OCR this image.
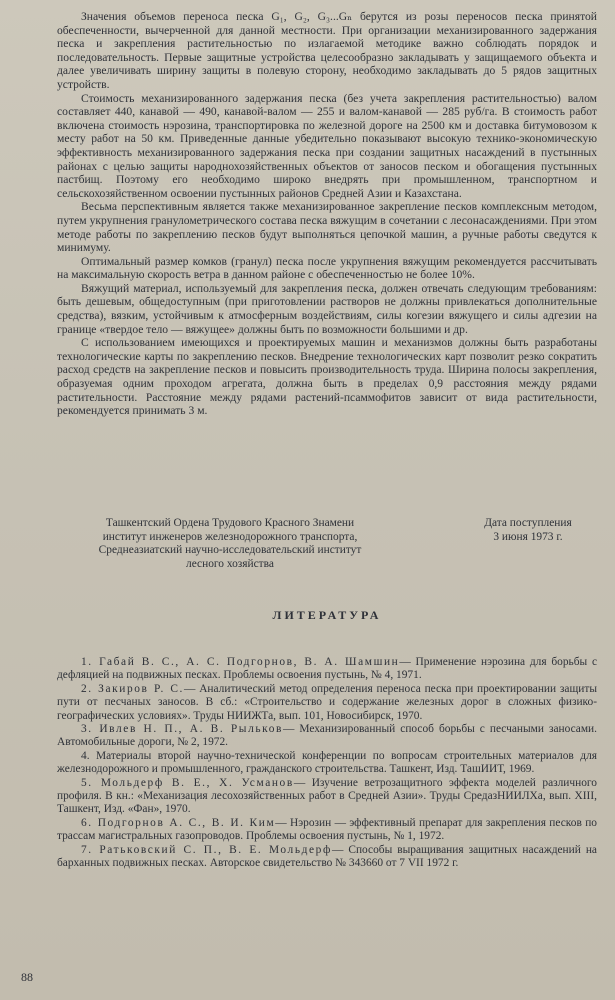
Значения объемов переноса песка G₁, G₂, G₃...Gₙ берутся из розы переносов песка принятой обеспеченности, вычерченной для данной местности. При организации механизированного задержания песка и закрепления растительностью по излагаемой методике важно соблюдать порядок и последовательность. Первые защитные устройства целесообразно закладывать у защищаемого объекта и далее увеличивать ширину защиты в полевую сторону, необходимо закладывать до 5 рядов защитных устройств.

Стоимость механизированного задержания песка (без учета закрепления растительностью) валом составляет 440, канавой — 490, канавой-валом — 255 и валом-канавой — 285 руб/га. В стоимость работ включена стоимость нэрозина, транспортировка по железной дороге на 2500 км и доставка битумовозом к месту работ на 50 км. Приведенные данные убедительно показывают высокую технико-экономическую эффективность механизированного задержания песка при создании защитных насаждений в пустынных районах с целью защиты народнохозяйственных объектов от заносов песком и обогащения пустынных пастбищ. Поэтому его необходимо широко внедрять при промышленном, транспортном и сельскохозяйственном освоении пустынных районов Средней Азии и Казахстана.

Весьма перспективным является также механизированное закрепление песков комплексным методом, путем укрупнения гранулометрического состава песка вяжущим в сочетании с лесонасаждениями. При этом методе работы по закреплению песков будут выполняться цепочкой машин, а ручные работы сведутся к минимуму.

Оптимальный размер комков (гранул) песка после укрупнения вяжущим рекомендуется рассчитывать на максимальную скорость ветра в данном районе с обеспеченностью не более 10%.

Вяжущий материал, используемый для закрепления песка, должен отвечать следующим требованиям: быть дешевым, общедоступным (при приготовлении растворов не должны привлекаться дополнительные средства), вязким, устойчивым к атмосферным воздействиям, силы когезии вяжущего и силы адгезии на границе «твердое тело — вяжущее» должны быть по возможности большими и др.

С использованием имеющихся и проектируемых машин и механизмов должны быть разработаны технологические карты по закреплению песков. Внедрение технологических карт позволит резко сократить расход средств на закрепление песков и повысить производительность труда. Ширина полосы закрепления, образуемая одним проходом агрегата, должна быть в пределах 0,9 расстояния между рядами растительности. Расстояние между рядами растений-псаммофитов зависит от вида растительности, рекомендуется принимать 3 м.

Ташкентский Ордена Трудового Красного Знамени
институт инженеров железнодорожного транспорта,
Среднеазиатский научно-исследовательский институт
лесного хозяйства
Дата поступления
3 июня 1973 г.
ЛИТЕРАТУРА

1. Габай В. С., А. С. Подгорнов, В. А. Шамшин— Применение нэрозина для борьбы с дефляцией на подвижных песках. Проблемы освоения пустынь, № 4, 1971.

2. Закиров Р. С.— Аналитический метод определения переноса песка при проектировании защиты пути от песчаных заносов. В сб.: «Строительство и содержание железных дорог в сложных физико-географических условиях». Труды НИИЖТа, вып. 101, Новосибирск, 1970.

3. Ивлев Н. П., А. В. Рыльков— Механизированный способ борьбы с песчаными заносами. Автомобильные дороги, № 2, 1972.

4. Материалы второй научно-технической конференции по вопросам строительных материалов для железнодорожного и промышленного, гражданского строительства. Ташкент, Изд. ТашИИТ, 1969.

5. Мольдерф В. Е., Х. Усманов— Изучение ветрозащитного эффекта моделей различного профиля. В кн.: «Механизация лесохозяйственных работ в Средней Азии». Труды СредазНИИЛХа, вып. XIII, Ташкент, Изд. «Фан», 1970.

6. Подгорнов А. С., В. И. Ким— Нэрозин — эффективный препарат для закрепления песков по трассам магистральных газопроводов. Проблемы освоения пустынь, № 1, 1972.

7. Ратьковский С. П., В. Е. Мольдерф— Способы выращивания защитных насаждений на барханных подвижных песках. Авторское свидетельство № 343660 от 7 VII 1972 г.

88
